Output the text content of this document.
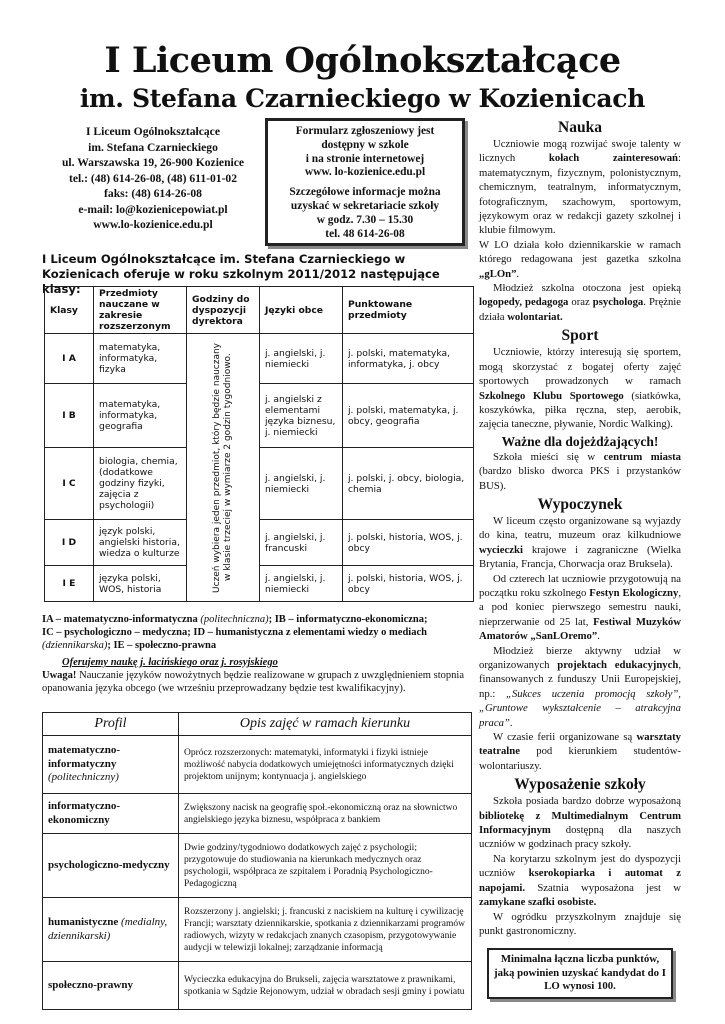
I Liceum Ogólnokształcące
im. Stefana Czarnieckiego w Kozienicach
I Liceum Ogólnokształcące
im. Stefana Czarnieckiego
ul. Warszawska 19, 26-900 Kozienice
tel.: (48) 614-26-08, (48) 611-01-02
faks: (48) 614-26-08
e-mail: lo@kozienicepowiat.pl
www.lo-kozienice.edu.pl

Formularz zgłoszeniowy jest

dostępny w szkole

i na stronie internetowej

www. lo-kozienice.edu.pl

Szczegółowe informacje można

uzyskać w sekretariacie szkoły

w godz. 7.30 – 15.30

tel. 48 614-26-08

I Liceum Ogólnokształcące im. Stefana Czarnieckiego w Kozienicach oferuje w roku szkolnym 2011/2012 następujące klasy:
Klasy	Przedmioty nauczane w zakresie rozszerzonym	Godziny do dyspozycji dyrektora	Języki obce	Punktowane przedmioty
I A	matematyka, informatyka, fizyka	Uczeń wybiera jeden przedmiot, który będzie nauczany w klasie trzeciej w wymiarze 2 godzin tygodniowo.	j. angielski, j. niemiecki	j. polski, matematyka, informatyka, j. obcy
I B	matematyka, informatyka, geografia		j. angielski z elementami języka biznesu, j. niemiecki	j. polski, matematyka, j. obcy, geografia
I C	biologia, chemia, (dodatkowe godziny fizyki, zajęcia z psychologii)		j. angielski, j. niemiecki	j. polski, j. obcy, biologia, chemia
I D	język polski, angielski historia, wiedza o kulturze		j. angielski, j. francuski	j. polski, historia, WOS, j. obcy
I E	języka polski, WOS, historia		j. angielski, j. niemiecki	j. polski, historia, WOS, j. obcy
IA – matematyczno-informatyczna (politechniczna); IB – informatyczno-ekonomiczna;
IC – psychologiczno – medyczna; ID – humanistyczna z elementami wiedzy o mediach
(dziennikarska); IE – społeczno-prawna
Oferujemy naukę j. łacińskiego oraz j. rosyjskiego
Uwaga! Nauczanie języków nowożytnych będzie realizowane w grupach z uwzględnieniem stopnia opanowania języka obcego (we wrześniu przeprowadzany będzie test kwalifikacyjny).
Profil	Opis zajęć w ramach kierunku
matematyczno-informatyczny (politechniczny)	Oprócz rozszerzonych: matematyki, informatyki i fizyki istnieje możliwość nabycia dodatkowych umiejętności informatycznych dzięki projektom unijnym; kontynuacja j. angielskiego
informatyczno-ekonomiczny	Zwiększony nacisk na geografię społ.-ekonomiczną oraz na słownictwo angielskiego języka biznesu, współpraca z bankiem
psychologiczno-medyczny	Dwie godziny/tygodniowo dodatkowych zajęć z psychologii; przygotowuje do studiowania na kierunkach medycznych oraz psychologii, współpraca ze szpitalem i Poradnią Psychologiczno-Pedagogiczną
humanistyczne (medialny, dziennikarski)	Rozszerzony j. angielski; j. francuski z naciskiem na kulturę i cywilizację Francji; warsztaty dziennikarskie, spotkania z dziennikarzami programów radiowych, wizyty w redakcjach znanych czasopism, przygotowywanie audycji w telewizji lokalnej; zarządzanie informacją
społeczno-prawny	Wycieczka edukacyjna do Brukseli, zajęcia warsztatowe z prawnikami, spotkania w Sądzie Rejonowym, udział w obradach sesji gminy i powiatu
Nauka

Uczniowie mogą rozwijać swoje talenty w licznych kołach zainteresowań: matematycznym, fizycznym, polonistycznym, chemicznym, teatralnym, informatycznym, fotograficznym, szachowym, sportowym, językowym oraz w redakcji gazety szkolnej i klubie filmowym.

W LO działa koło dziennikarskie w ramach którego redagowana jest gazetka szkolna „gLOn”.

Młodzież szkolna otoczona jest opieką logopedy, pedagoga oraz psychologa. Prężnie działa wolontariat.

Sport

Uczniowie, którzy interesują się sportem, mogą skorzystać z bogatej oferty zajęć sportowych prowadzonych w ramach Szkolnego Klubu Sportowego (siatkówka, koszykówka, piłka ręczna, step, aerobik, zajęcia taneczne, pływanie, Nordic Walking).

Ważne dla dojeżdżających!

Szkoła mieści się w centrum miasta (bardzo blisko dworca PKS i przystanków BUS).

Wypoczynek

W liceum często organizowane są wyjazdy do kina, teatru, muzeum oraz kilkudniowe wycieczki krajowe i zagraniczne (Wielka Brytania, Francja, Chorwacja oraz Bruksela).

Od czterech lat uczniowie przygotowują na początku roku szkolnego Festyn Ekologiczny, a pod koniec pierwszego semestru nauki, nieprzerwanie od 25 lat, Festiwal Muzyków Amatorów „SanLOremo”.

Młodzież bierze aktywny udział w organizowanych projektach edukacyjnych, finansowanych z funduszy Unii Europejskiej, np.: „Sukces uczenia promocją szkoły”, „Gruntowe wykształcenie – atrakcyjna praca”.

W czasie ferii organizowane są warsztaty teatralne pod kierunkiem studentów-wolontariuszy.

Wyposażenie szkoły

Szkoła posiada bardzo dobrze wyposażoną bibliotekę z Multimedialnym Centrum Informacyjnym dostępną dla naszych uczniów w godzinach pracy szkoły.

Na korytarzu szkolnym jest do dyspozycji uczniów kserokopiarka i automat z napojami. Szatnia wyposażona jest w zamykane szafki osobiste.

W ogródku przyszkolnym znajduje się punkt gastronomiczny.

Minimalna łączna liczba punktów, jaką powinien uzyskać kandydat do I LO wynosi 100.
